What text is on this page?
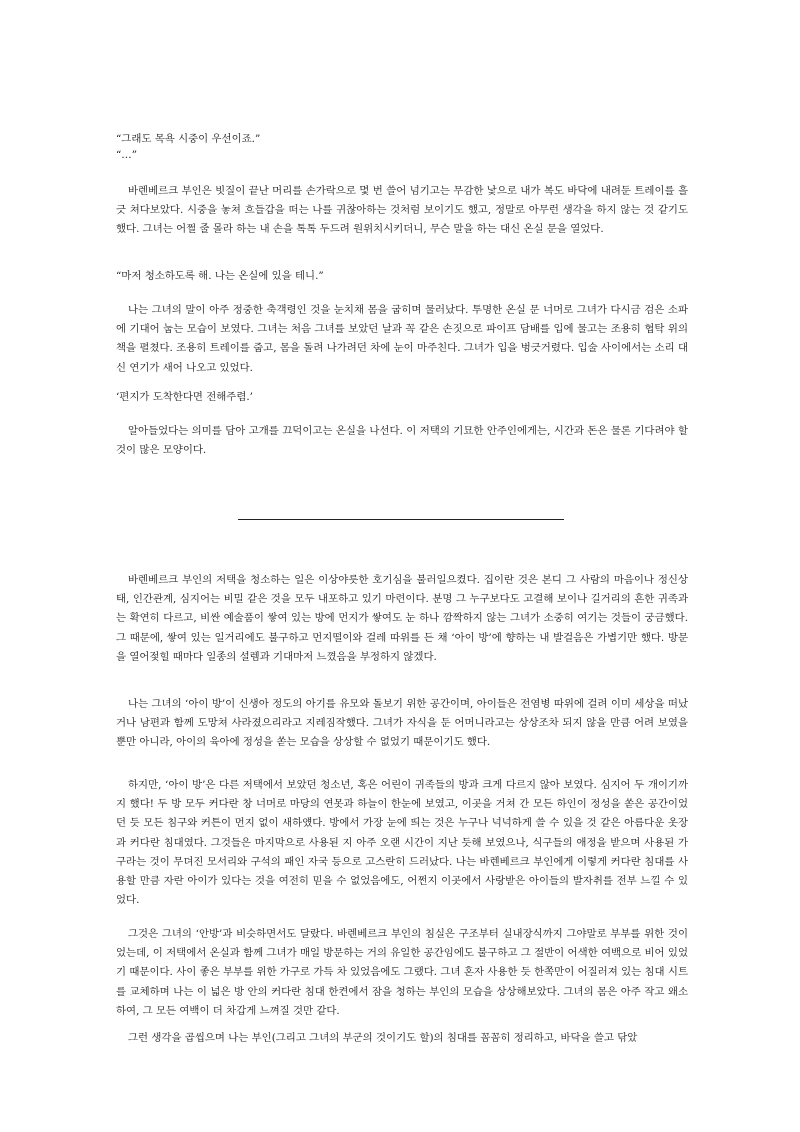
“그래도 목욕 시중이 우선이죠.”

“…”

바렌베르크 부인은 빗질이 끝난 머리를 손가락으로 몇 번 쓸어 넘기고는 무감한 낯으로 내가 복도 바닥에 내려둔 트레이를 흘긋 쳐다보았다. 시중을 놓쳐 흐들갑을 떠는 나를 귀찮아하는 것처럼 보이기도 했고, 정말로 아무런 생각을 하지 않는 것 같기도 했다. 그녀는 어쩔 줄 몰라 하는 내 손을 톡톡 두드려 원위치시키더니, 무슨 말을 하는 대신 온실 문을 열었다.

“마저 청소하도록 해. 나는 온실에 있을 테니.”

나는 그녀의 말이 아주 정중한 축객령인 것을 눈치채 몸을 굽히며 물러났다. 투명한 온실 문 너머로 그녀가 다시금 검은 소파에 기대어 눕는 모습이 보였다. 그녀는 처음 그녀를 보았던 날과 꼭 같은 손짓으로 파이프 담배를 입에 물고는 조용히 협탁 위의 책을 펼쳤다. 조용히 트레이를 줍고, 몸을 돌려 나가려던 차에 눈이 마주친다. 그녀가 입을 벙긋거렸다. 입술 사이에서는 소리 대신 연기가 새어 나오고 있었다.

‘편지가 도착한다면 전해주렴.’

알아들었다는 의미를 담아 고개를 끄덕이고는 온실을 나선다. 이 저택의 기묘한 안주인에게는, 시간과 돈은 물론 기다려야 할 것이 많은 모양이다.

바렌베르크 부인의 저택을 청소하는 일은 이상야릇한 호기심을 불러일으켰다. 집이란 것은 본디 그 사람의 마음이나 정신상태, 인간관계, 심지어는 비밀 같은 것을 모두 내포하고 있기 마련이다. 분명 그 누구보다도 고결해 보이나 길거리의 흔한 귀족과는 확연히 다르고, 비싼 예술품이 쌓여 있는 방에 먼지가 쌓여도 눈 하나 깜짝하지 않는 그녀가 소중히 여기는 것들이 궁금했다. 그 때문에, 쌓여 있는 일거리에도 불구하고 먼지떨이와 걸레 따위를 든 채 ‘아이 방’에 향하는 내 발걸음은 가볍기만 했다. 방문을 열어젖힐 때마다 일종의 설렘과 기대마저 느꼈음을 부정하지 않겠다.

나는 그녀의 ‘아이 방’이 신생아 정도의 아기를 유모와 돌보기 위한 공간이며, 아이들은 전염병 따위에 걸려 이미 세상을 떠났거나 남편과 함께 도망쳐 사라졌으리라고 지레짐작했다. 그녀가 자식을 둔 어머니라고는 상상조차 되지 않을 만큼 어려 보였을 뿐만 아니라, 아이의 육아에 정성을 쏟는 모습을 상상할 수 없었기 때문이기도 했다.

하지만, ‘아이 방’은 다른 저택에서 보았던 청소년, 혹은 어린이 귀족들의 방과 크게 다르지 않아 보였다. 심지어 두 개이기까지 했다! 두 방 모두 커다란 창 너머로 마당의 연못과 하늘이 한눈에 보였고, 이곳을 거쳐 간 모든 하인이 정성을 쏟은 공간이었던 듯 모든 침구와 커튼이 먼지 없이 새하얬다. 방에서 가장 눈에 띄는 것은 누구나 넉넉하게 쓸 수 있을 것 같은 아름다운 옷장과 커다란 침대였다. 그것들은 마지막으로 사용된 지 아주 오랜 시간이 지난 듯해 보였으나, 식구들의 애정을 받으며 사용된 가구라는 것이 무뎌진 모서리와 구석의 패인 자국 등으로 고스란히 드러났다. 나는 바렌베르크 부인에게 이렇게 커다란 침대를 사용할 만큼 자란 아이가 있다는 것을 여전히 믿을 수 없었음에도, 어쩐지 이곳에서 사랑받은 아이들의 발자취를 전부 느낄 수 있었다.

그것은 그녀의 ‘안방’과 비슷하면서도 달랐다. 바렌베르크 부인의 침실은 구조부터 실내장식까지 그야말로 부부를 위한 것이었는데, 이 저택에서 온실과 함께 그녀가 매일 방문하는 거의 유일한 공간임에도 불구하고 그 절반이 어색한 여백으로 비어 있었기 때문이다. 사이 좋은 부부를 위한 가구로 가득 차 있었음에도 그랬다. 그녀 혼자 사용한 듯 한쪽만이 어질러져 있는 침대 시트를 교체하며 나는 이 넓은 방 안의 커다란 침대 한켠에서 잠을 청하는 부인의 모습을 상상해보았다. 그녀의 몸은 아주 작고 왜소하여, 그 모든 여백이 더 차갑게 느껴질 것만 같다.

그런 생각을 곱씹으며 나는 부인(그리고 그녀의 부군의 것이기도 할)의 침대를 꼼꼼히 정리하고, 바닥을 쓸고 닦았
